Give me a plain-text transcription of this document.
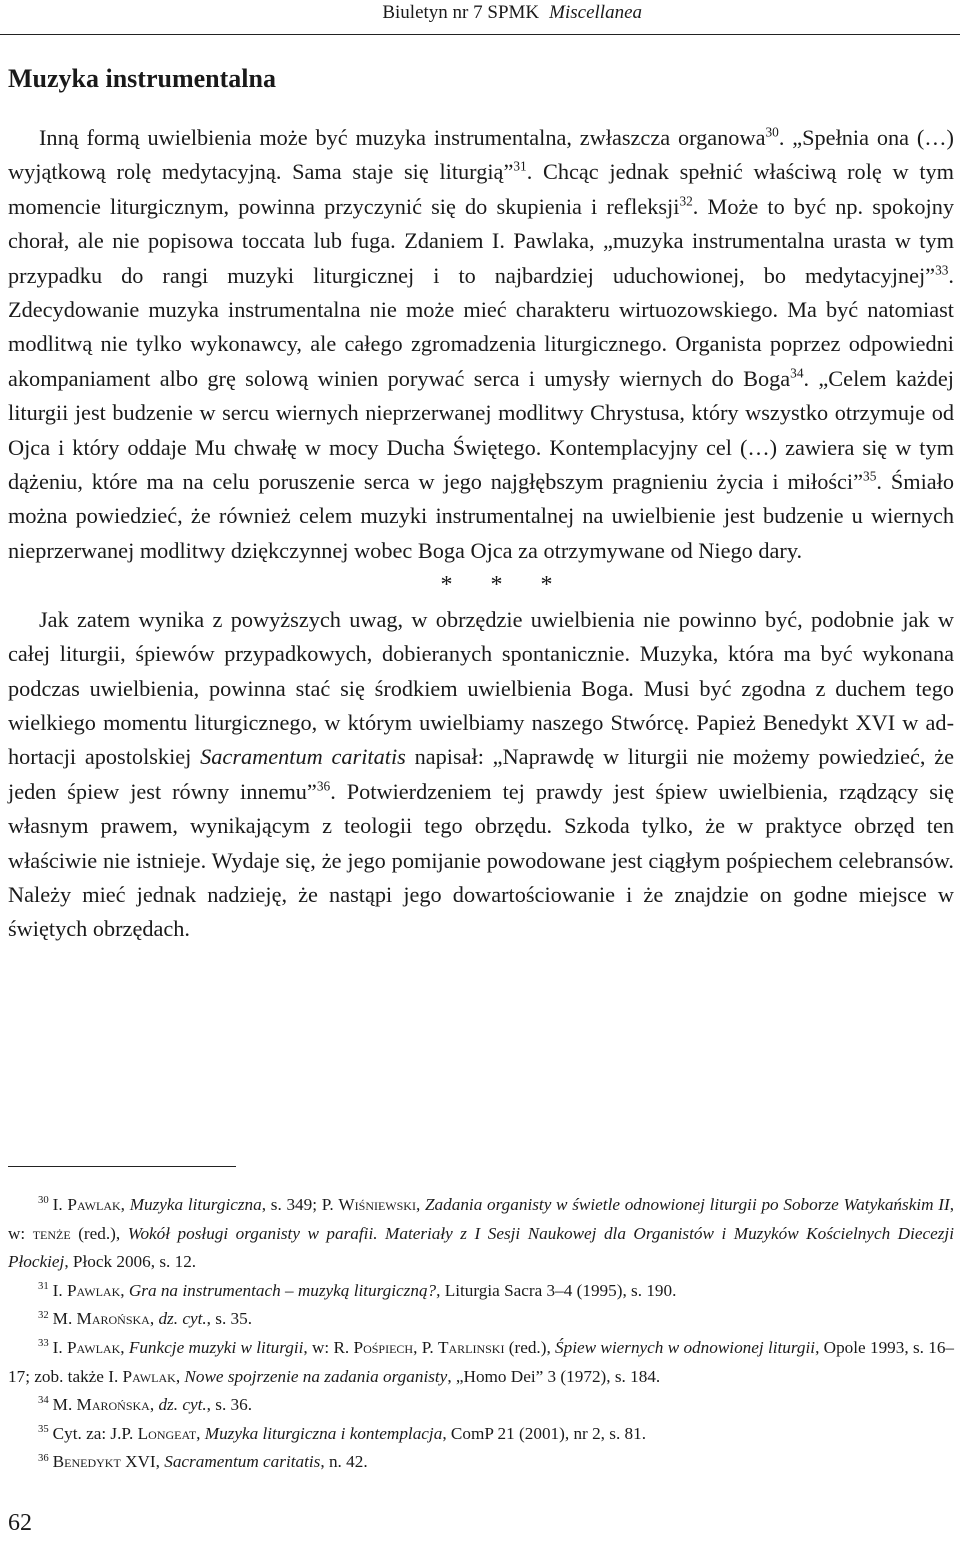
Biuletyn nr 7 SPMK Miscellanea
Muzyka instrumentalna

Inną formą uwielbienia może być muzyka instrumentalna, zwłaszcza organowa$^{30}$. „Spełnia ona (…) wyjątkową rolę medytacyjną. Sama staje się liturgią”$^{31}$. Chcąc jednak spełnić właściwą rolę w tym momencie liturgicznym, powinna przyczynić się do skupienia i refleksji$^{32}$. Może to być np. spokojny chorał, ale nie popisowa toccata lub fuga. Zdaniem I. Pawlaka, „muzyka instrumentalna urasta w tym przypadku do rangi muzyki liturgicznej i to najbardziej uduchowionej, bo medytacyjnej”$^{33}$. Zdecydowanie muzyka instrumentalna nie może mieć charakteru wirtuozowskiego. Ma być natomiast modlitwą nie tylko wykonawcy, ale całego zgromadzenia liturgicznego. Organista poprzez odpowiedni akompaniament albo grę solową winien porywać serca i umysły wiernych do Boga$^{34}$. „Celem każdej liturgii jest budzenie w sercu wiernych nieprzerwanej modlitwy Chrystusa, który wszystko otrzymuje od Ojca i który oddaje Mu chwałę w mocy Ducha Świętego. Kontemplacyjny cel (…) zawiera się w tym dążeniu, które ma na celu poruszenie serca w jego najgłębszym pragnieniu życia i miłości”$^{35}$. Śmiało można powiedzieć, że również celem muzyki instrumentalnej na uwielbienie jest budzenie u wiernych nieprzerwanej modlitwy dziękczynnej wobec Boga Ojca za otrzymywane od Niego dary.

* * *

Jak zatem wynika z powyższych uwag, w obrzędzie uwielbienia nie powinno być, podobnie jak w całej liturgii, śpiewów przypadkowych, dobieranych spontanicznie. Muzyka, która ma być wykonana podczas uwielbienia, powinna stać się środkiem uwielbienia Boga. Musi być zgodna z duchem tego wielkiego momentu liturgicznego, w którym uwielbiamy naszego Stwórcę. Papież Benedykt XVI w adhortacji apostolskiej Sacramentum caritatis napisał: „Naprawdę w liturgii nie możemy powiedzieć, że jeden śpiew jest równy innemu”$^{36}$. Potwierdzeniem tej prawdy jest śpiew uwielbienia, rządzący się własnym prawem, wynikającym z teologii tego obrzędu. Szkoda tylko, że w praktyce obrzęd ten właściwie nie istnieje. Wydaje się, że jego pomijanie powodowane jest ciągłym pośpiechem celebransów. Należy mieć jednak nadzieję, że nastąpi jego dowartościowanie i że znajdzie on godne miejsce w świętych obrzędach.

$^{30}$ I. Pawlak, Muzyka liturgiczna, s. 349; P. Wiśniewski, Zadania organisty w świetle odnowionej liturgii po Soborze Watykańskim II, w: tenże (red.), Wokół posługi organisty w parafii. Materiały z I Sesji Naukowej dla Organistów i Muzyków Kościelnych Diecezji Płockiej, Płock 2006, s. 12.

$^{31}$ I. Pawlak, Gra na instrumentach – muzyką liturgiczną?, Liturgia Sacra 3–4 (1995), s. 190.

$^{32}$ M. Marońska, dz. cyt., s. 35.

$^{33}$ I. Pawlak, Funkcje muzyki w liturgii, w: R. Pośpiech, P. Tarlinski (red.), Śpiew wiernych w odnowionej liturgii, Opole 1993, s. 16–17; zob. także I. Pawlak, Nowe spojrzenie na zadania organisty, „Homo Dei” 3 (1972), s. 184.

$^{34}$ M. Marońska, dz. cyt., s. 36.

$^{35}$ Cyt. za: J.P. Longeat, Muzyka liturgiczna i kontemplacja, ComP 21 (2001), nr 2, s. 81.

$^{36}$ Benedykt XVI, Sacramentum caritatis, n. 42.

62
